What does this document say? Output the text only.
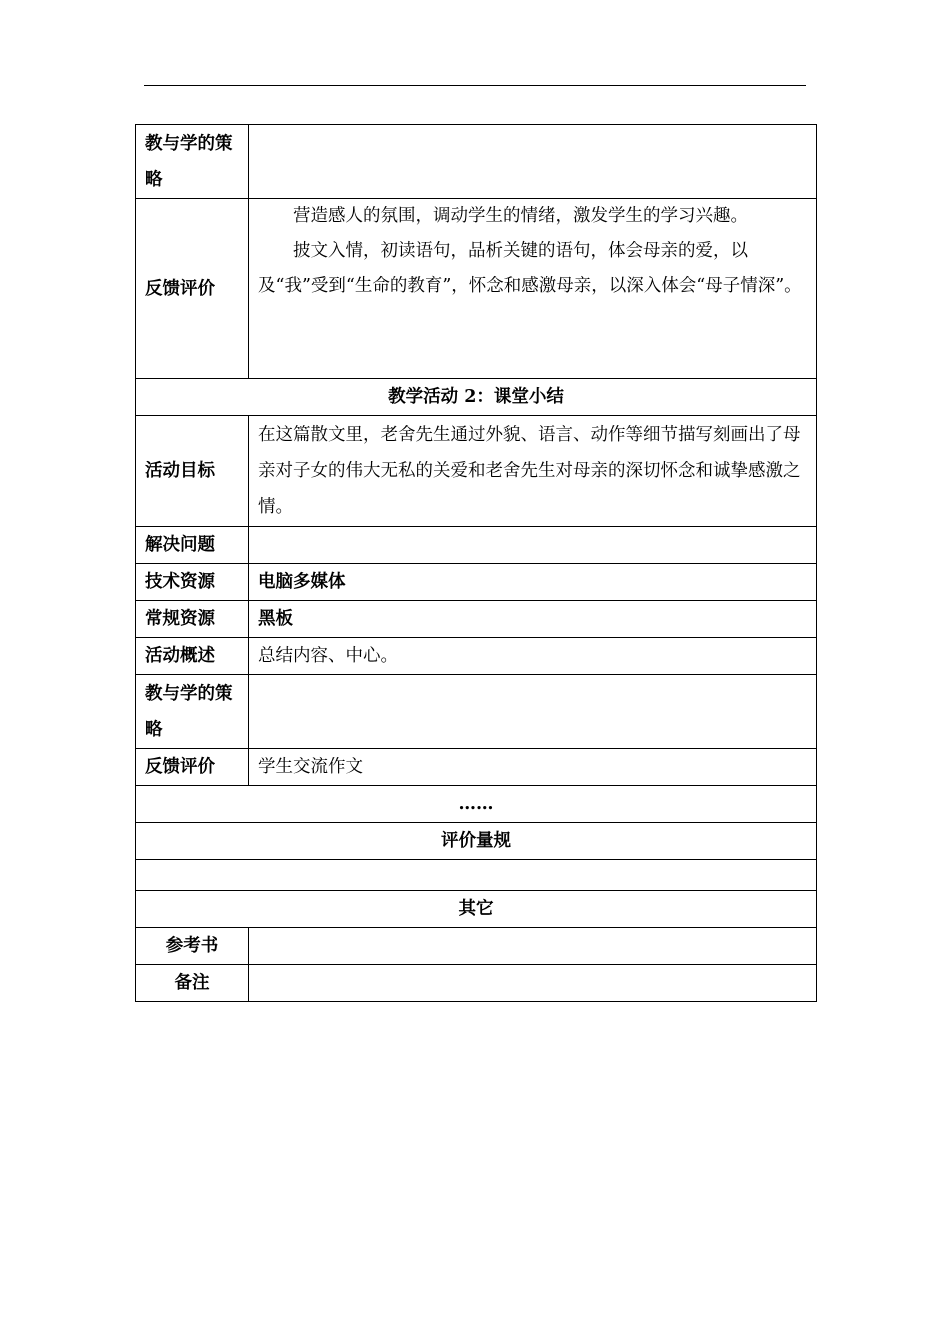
教与学的策略	
反馈评价	营造感人的氛围，调动学生的情绪，激发学生的学习兴趣。

披文入情，初读语句，品析关键的语句，体会母亲的爱，以及“我”受到“生命的教育”，怀念和感激母亲，以深入体会“母子情深”。

教学活动 2：课堂小结	
活动目标	在这篇散文里，老舍先生通过外貌、语言、动作等细节描写刻画出了母亲对子女的伟大无私的关爱和老舍先生对母亲的深切怀念和诚挚感激之情。
解决问题	
技术资源	电脑多媒体
常规资源	黑板
活动概述	总结内容、中心。
教与学的策略	
反馈评价	学生交流作文
……	
评价量规	

其它	
参考书	
备注	
